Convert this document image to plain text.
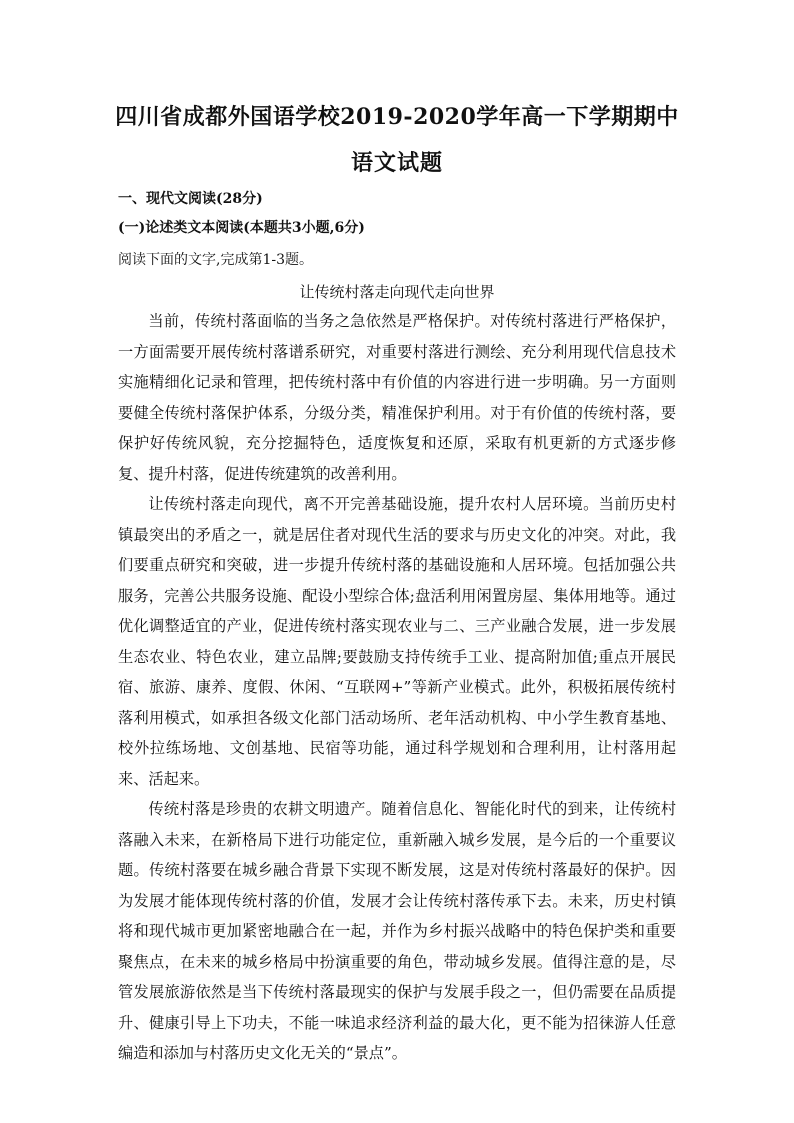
四川省成都外国语学校2019-2020学年高一下学期期中
语文试题
一、现代文阅读(28分)
(一)论述类文本阅读(本题共3小题,6分)
阅读下面的文字,完成第1-3题。
让传统村落走向现代走向世界

当前，传统村落面临的当务之急依然是严格保护。对传统村落进行严格保护，一方面需要开展传统村落谱系研究，对重要村落进行测绘、充分利用现代信息技术实施精细化记录和管理，把传统村落中有价值的内容进行进一步明确。另一方面则要健全传统村落保护体系，分级分类，精准保护利用。对于有价值的传统村落，要保护好传统风貌，充分挖掘特色，适度恢复和还原，采取有机更新的方式逐步修复、提升村落，促进传统建筑的改善利用。

让传统村落走向现代，离不开完善基础设施，提升农村人居环境。当前历史村镇最突出的矛盾之一，就是居住者对现代生活的要求与历史文化的冲突。对此，我们要重点研究和突破，进一步提升传统村落的基础设施和人居环境。包括加强公共服务，完善公共服务设施、配设小型综合体;盘活利用闲置房屋、集体用地等。通过优化调整适宜的产业，促进传统村落实现农业与二、三产业融合发展，进一步发展生态农业、特色农业，建立品牌;要鼓励支持传统手工业、提高附加值;重点开展民宿、旅游、康养、度假、休闲、“互联网+”等新产业模式。此外，积极拓展传统村落利用模式，如承担各级文化部门活动场所、老年活动机构、中小学生教育基地、校外拉练场地、文创基地、民宿等功能，通过科学规划和合理利用，让村落用起来、活起来。

传统村落是珍贵的农耕文明遗产。随着信息化、智能化时代的到来，让传统村落融入未来，在新格局下进行功能定位，重新融入城乡发展，是今后的一个重要议题。传统村落要在城乡融合背景下实现不断发展，这是对传统村落最好的保护。因为发展才能体现传统村落的价值，发展才会让传统村落传承下去。未来，历史村镇将和现代城市更加紧密地融合在一起，并作为乡村振兴战略中的特色保护类和重要聚焦点，在未来的城乡格局中扮演重要的角色，带动城乡发展。值得注意的是，尽管发展旅游依然是当下传统村落最现实的保护与发展手段之一，但仍需要在品质提升、健康引导上下功夫，不能一味追求经济利益的最大化，更不能为招徕游人任意编造和添加与村落历史文化无关的“景点”。
